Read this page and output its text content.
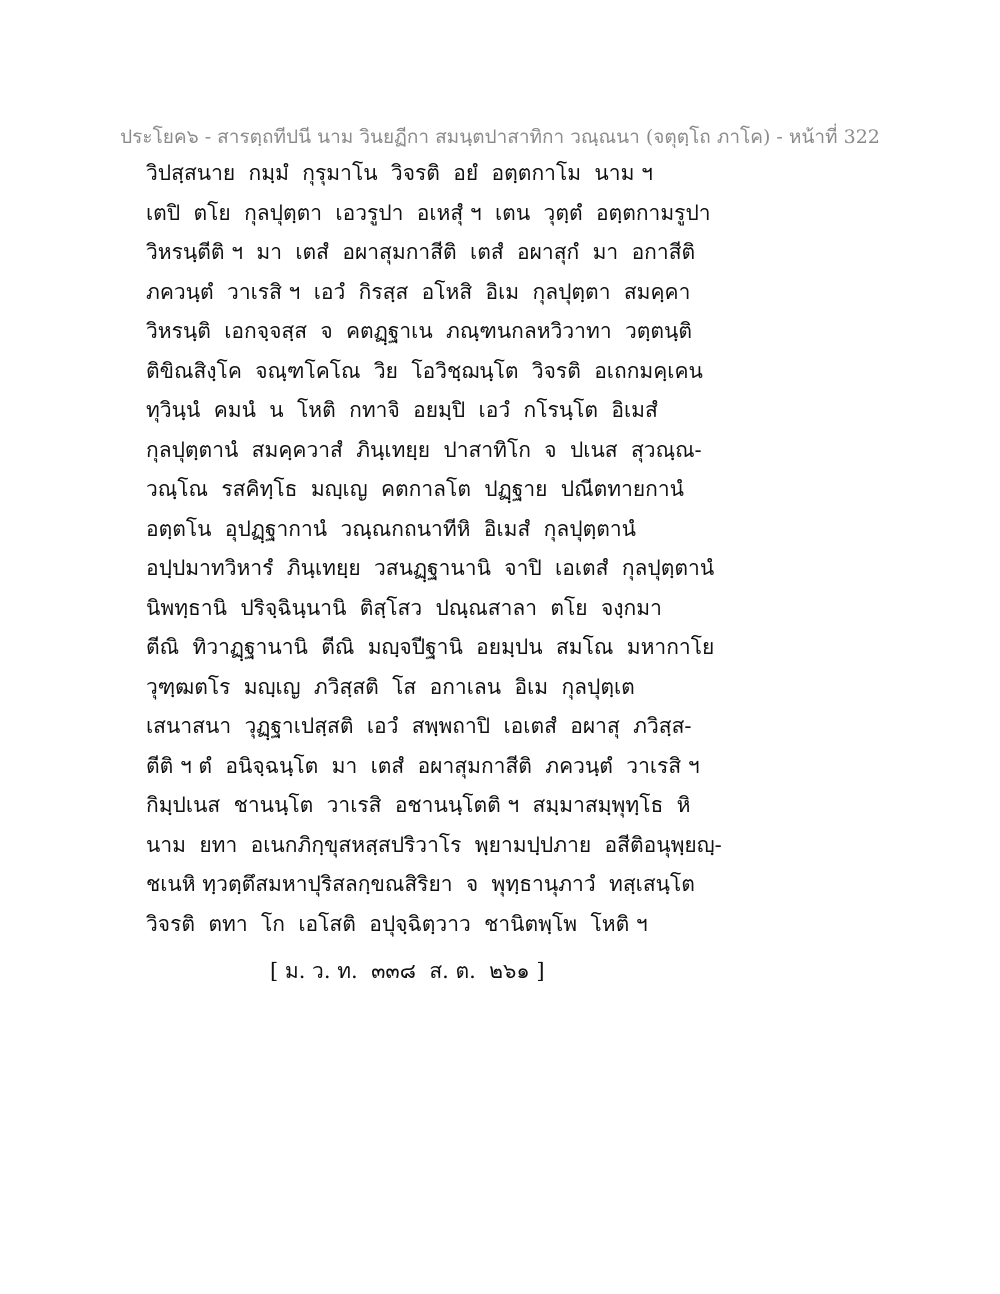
ประโยค๖ - สารตฺถทีปนี นาม วินยฏีกา สมนฺตปาสาทิกา วณฺณนา (จตุตฺโถ ภาโค) - หน้าที่ 322
วิปสฺสนาย  กมฺมํ  กุรุมาโน  วิจรติ  อยํ  อตฺตกาโม  นาม ฯ
เตปิ  ตโย  กุลปุตฺตา  เอวรูปา  อเหสุํ ฯ  เตน  วุตฺตํ  อตฺตกามรูปา
วิหรนฺตีติ ฯ  มา  เตสํ  อผาสุมกาสีติ  เตสํ  อผาสุกํ  มา  อกาสีติ
ภควนฺตํ  วาเรสิ ฯ  เอวํ  กิรสฺส  อโหสิ  อิเม  กุลปุตฺตา  สมคฺคา
วิหรนฺติ  เอกจฺจสฺส  จ  คตฏฺฐาเน  ภณฺฑนกลหวิวาทา  วตฺตนฺติ
ติขิณสิงฺโค  จณฺฑโคโณ  วิย  โอวิชฺฌนฺโต  วิจรติ  อเถกมคฺเคน
ทุวินฺนํ  คมนํ  น  โหติ  กทาจิ  อยมฺปิ  เอวํ  กโรนฺโต  อิเมสํ
กุลปุตฺตานํ  สมคฺควาสํ  ภินฺเทยฺย  ปาสาทิโก  จ  ปเนส  สุวณฺณ-
วณฺโณ  รสคิทฺโธ  มญฺเญ  คตกาลโต  ปฏฺฐาย  ปณีตทายกานํ
อตฺตโน  อุปฏฺฐากานํ  วณฺณกถนาทีหิ  อิเมสํ  กุลปุตฺตานํ
อปฺปมาทวิหารํ  ภินฺเทยฺย  วสนฏฺฐานานิ  จาปิ  เอเตสํ  กุลปุตฺตานํ
นิพทฺธานิ  ปริจฺฉินฺนานิ  ติสฺโสว  ปณฺณสาลา  ตโย  จงฺกมา
ตีณิ  ทิวาฏฺฐานานิ  ตีณิ  มญฺจปีฐานิ  อยมฺปน  สมโณ  มหากาโย
วุฑฺฒตโร  มญฺเญ  ภวิสฺสติ  โส  อกาเลน  อิเม  กุลปุตฺเต
เสนาสนา  วุฏฺฐาเปสฺสติ  เอวํ  สพฺพถาปิ  เอเตสํ  อผาสุ  ภวิสฺส-
ตีติ ฯ ตํ  อนิจฺฉนฺโต  มา  เตสํ  อผาสุมกาสีติ  ภควนฺตํ  วาเรสิ ฯ
กิมฺปเนส  ชานนฺโต  วาเรสิ  อชานนฺโตติ ฯ  สมฺมาสมฺพุทฺโธ  หิ
นาม  ยทา  อเนกภิกฺขุสหสฺสปริวาโร  พฺยามปฺปภาย  อสีติอนุพฺยญฺ-
ชเนหิ ทฺวตฺตึสมหาปุริสลกฺขณสิริยา  จ  พุทฺธานุภาวํ  ทสฺเสนฺโต
วิจรติ  ตทา  โก  เอโสติ  อปุจฺฉิตฺวาว  ชานิตพฺโพ  โหติ ฯ
[ ม. ว. ท.  ๓๓๘  ส. ต.  ๒๖๑ ]
